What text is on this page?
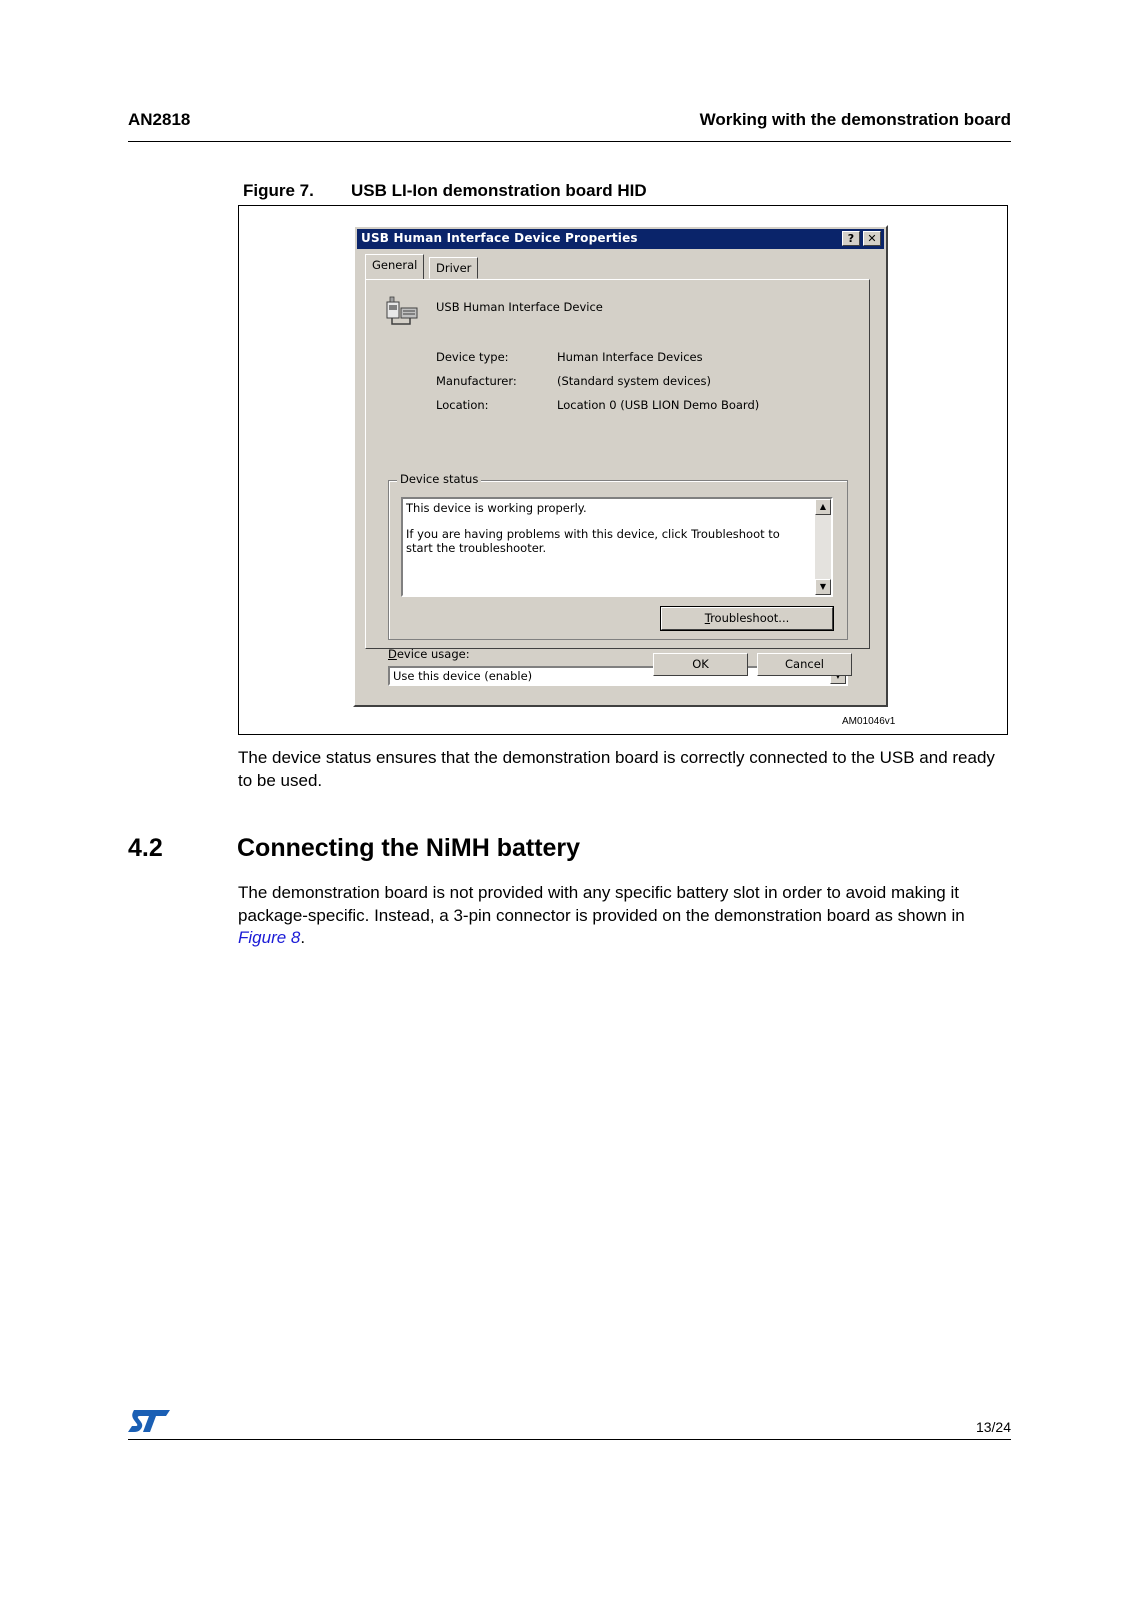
AN2818	Working with the demonstration board
Figure 7. USB LI-Ion demonstration board HID
USB Human Interface Device Properties	?	✕
General	Driver
USB Human Interface Device
Device type:	Human Interface Devices
Manufacturer:	(Standard system devices)
Location:	Location 0 (USB LION Demo Board)
Device status
This device is working properly.
If you are having problems with this device, click Troubleshoot to start the troubleshooter.
▲
▼
Troubleshoot...
Device usage:
Use this device (enable)
OK	Cancel
AM01046v1
The device status ensures that the demonstration board is correctly connected to the USB and ready to be used.
4.2	Connecting the NiMH battery
The demonstration board is not provided with any specific battery slot in order to avoid making it package-specific. Instead, a 3-pin connector is provided on the demonstration board as shown in Figure 8.
13/24
